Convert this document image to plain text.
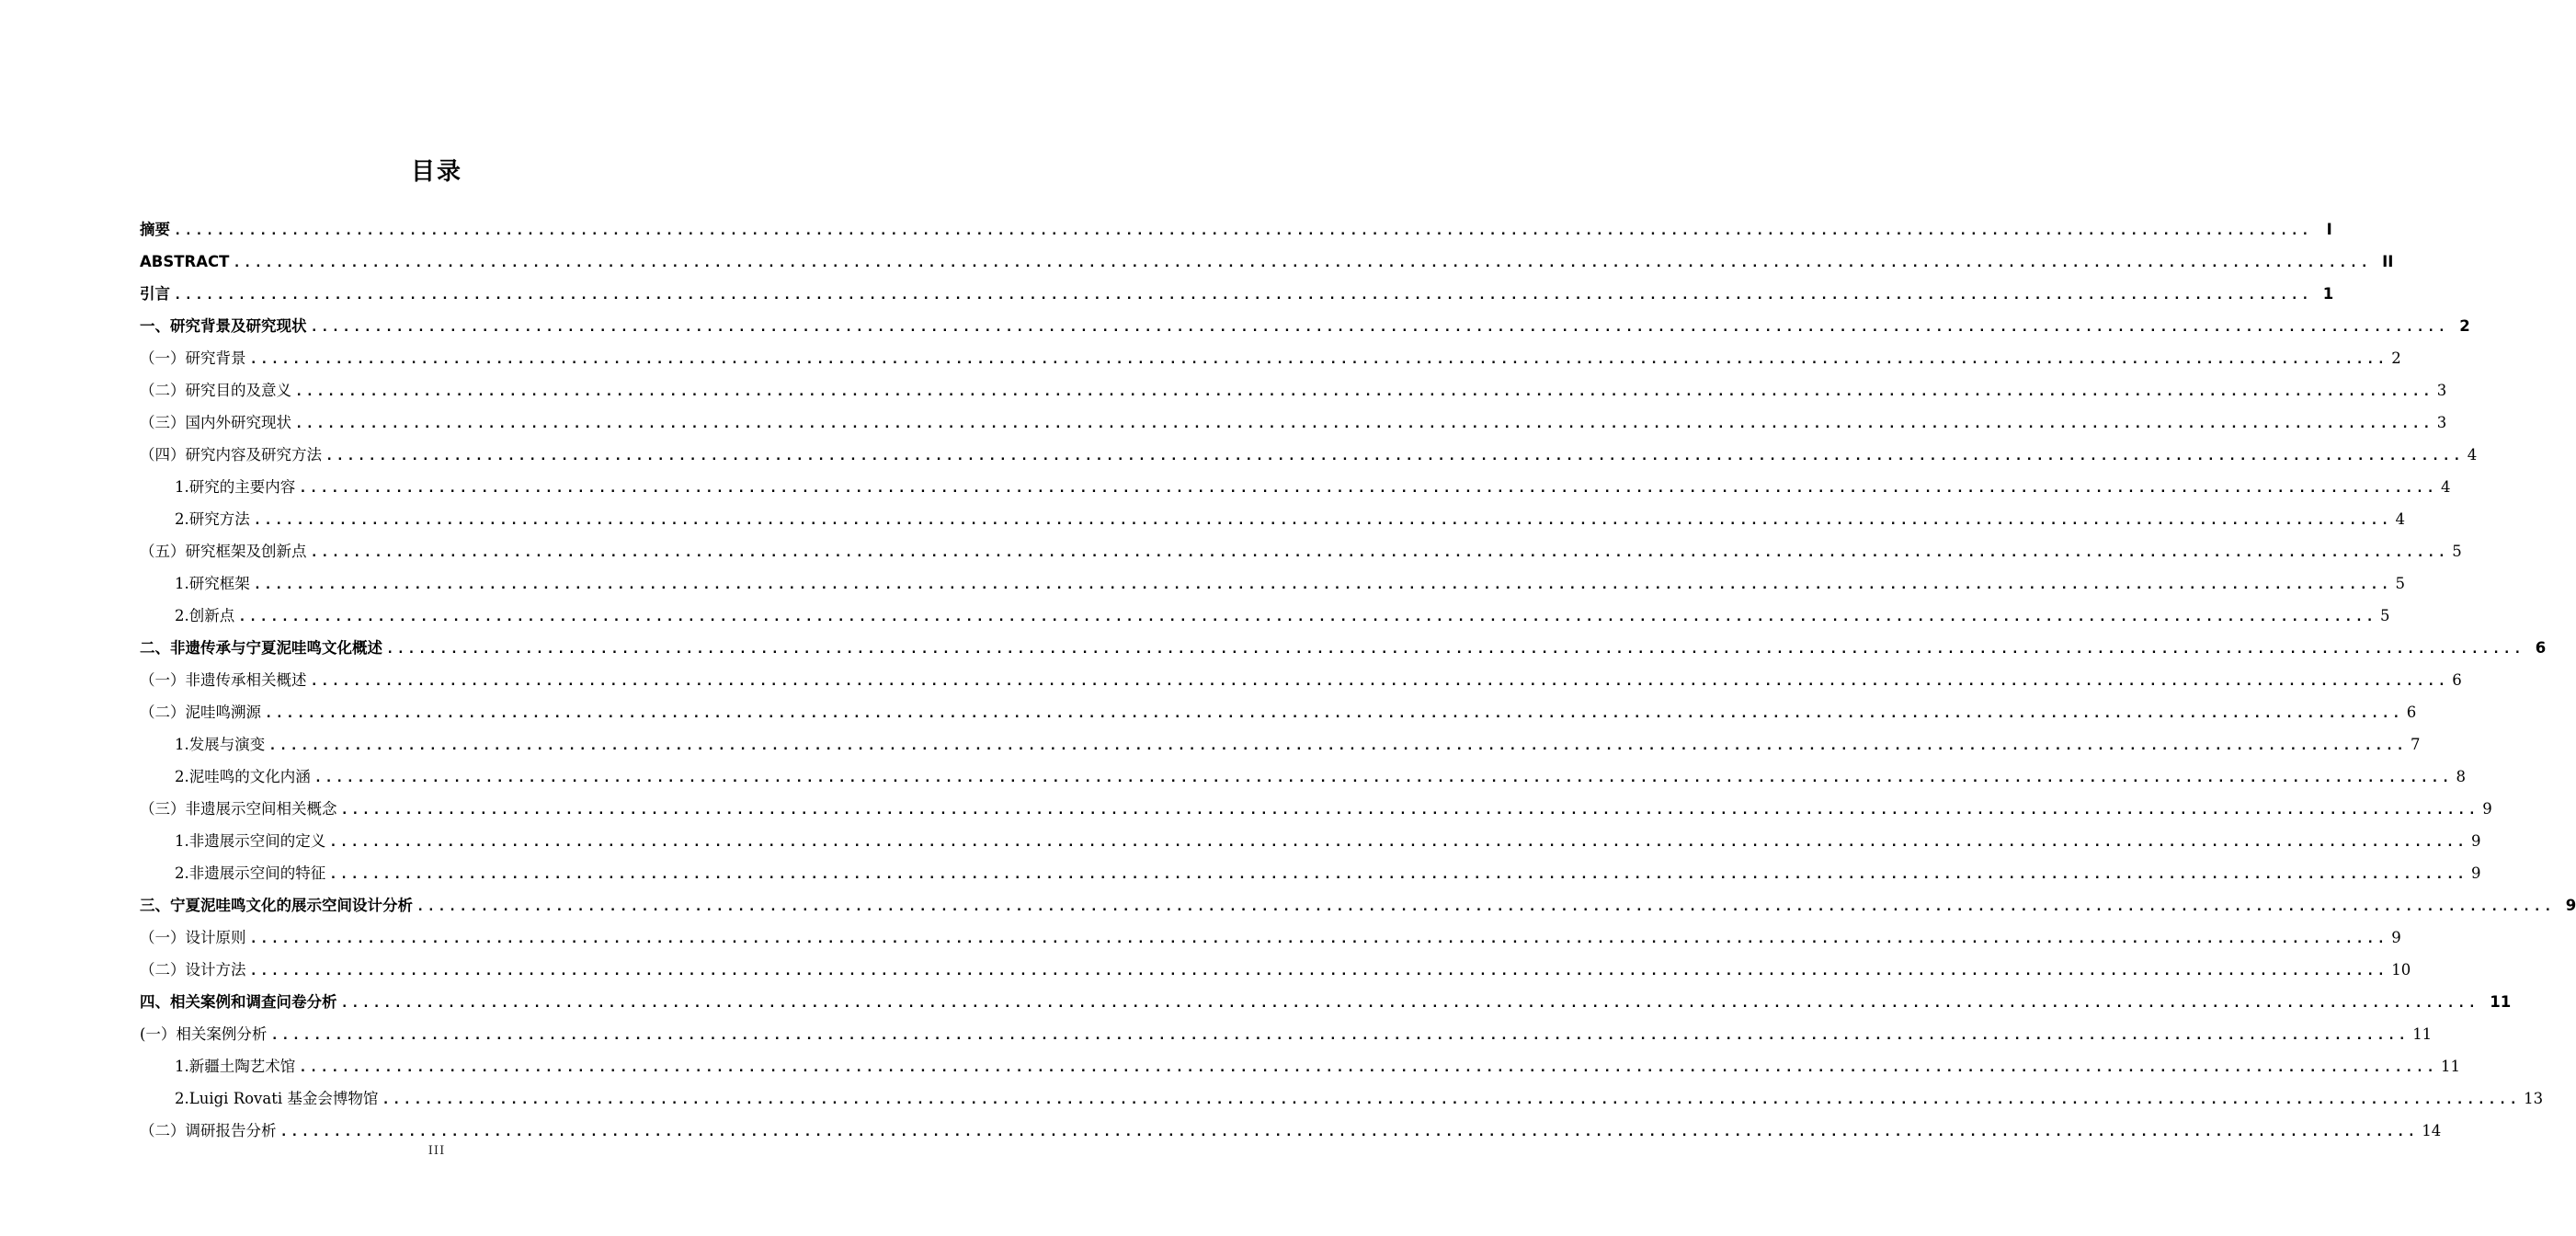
目录
摘要 ........................................................................................................................................................................................................ I
ABSTRACT ........................................................................................................................................................................................................ II
引言 ........................................................................................................................................................................................................ 1
一、研究背景及研究现状 ........................................................................................................................................................................................................ 2
（一）研究背景 ........................................................................................................................................................................................................ 2
（二）研究目的及意义 ........................................................................................................................................................................................................ 3
（三）国内外研究现状 ........................................................................................................................................................................................................ 3
（四）研究内容及研究方法 ........................................................................................................................................................................................................ 4
1.研究的主要内容 ........................................................................................................................................................................................................ 4
2.研究方法 ........................................................................................................................................................................................................ 4
（五）研究框架及创新点 ........................................................................................................................................................................................................ 5
1.研究框架 ........................................................................................................................................................................................................ 5
2.创新点 ........................................................................................................................................................................................................ 5
二、非遗传承与宁夏泥哇鸣文化概述 ........................................................................................................................................................................................................ 6
（一）非遗传承相关概述 ........................................................................................................................................................................................................ 6
（二）泥哇鸣溯源 ........................................................................................................................................................................................................ 6
1.发展与演变 ........................................................................................................................................................................................................ 7
2.泥哇鸣的文化内涵 ........................................................................................................................................................................................................ 8
（三）非遗展示空间相关概念 ........................................................................................................................................................................................................ 9
1.非遗展示空间的定义 ........................................................................................................................................................................................................ 9
2.非遗展示空间的特征 ........................................................................................................................................................................................................ 9
三、宁夏泥哇鸣文化的展示空间设计分析 ........................................................................................................................................................................................................ 9
（一）设计原则 ........................................................................................................................................................................................................ 9
（二）设计方法 ........................................................................................................................................................................................................ 10
四、相关案例和调查问卷分析 ........................................................................................................................................................................................................ 11
(一）相关案例分析 ........................................................................................................................................................................................................ 11
1.新疆土陶艺术馆 ........................................................................................................................................................................................................ 11
2.Luigi Rovati 基金会博物馆 ........................................................................................................................................................................................................ 13
（二）调研报告分析 ........................................................................................................................................................................................................ 14
III
